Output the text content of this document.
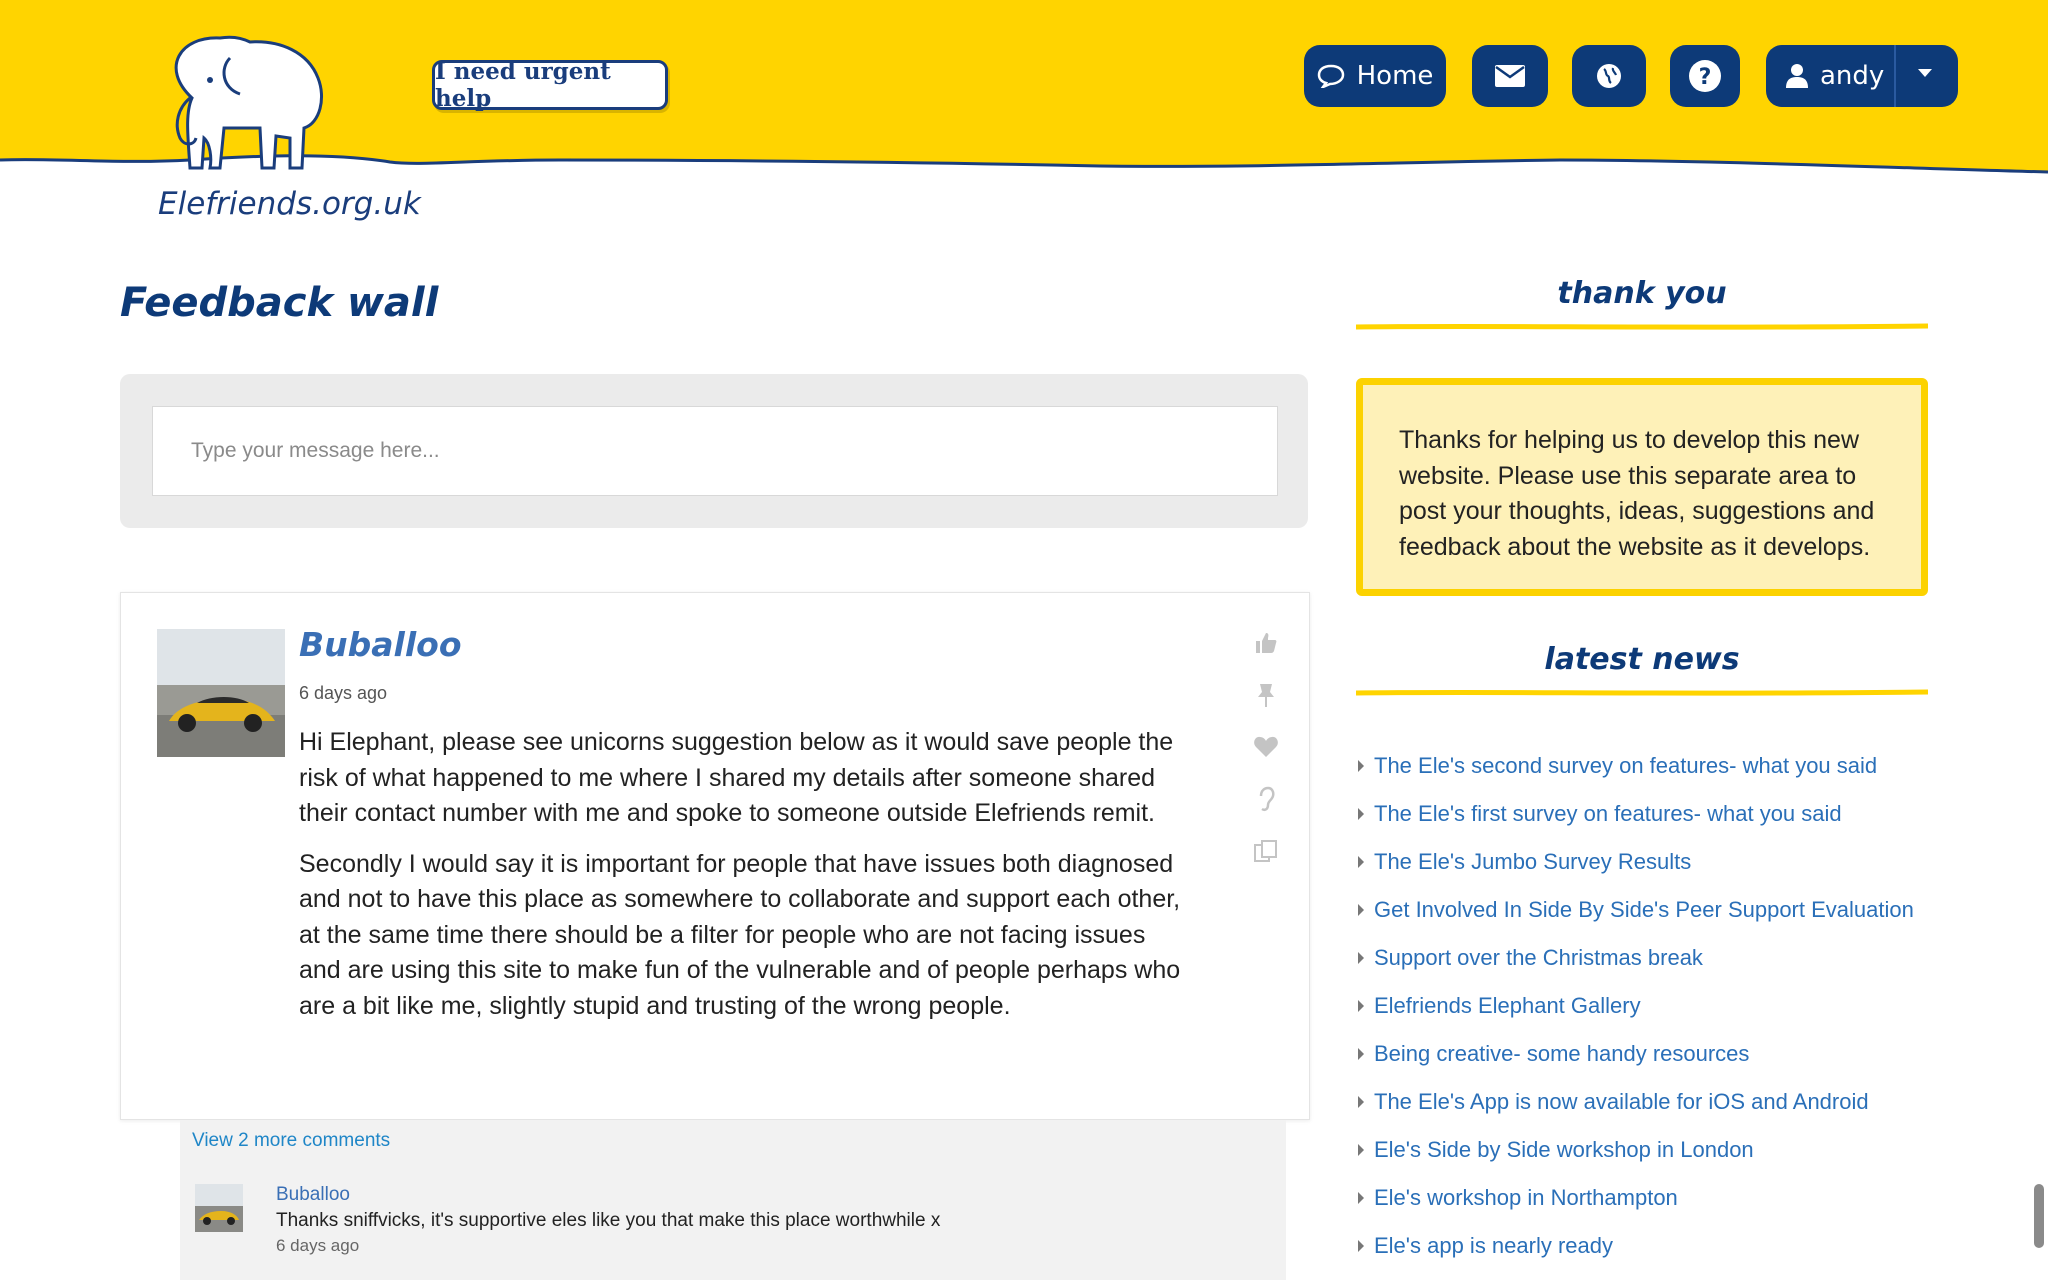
Elefriends.org.uk
I need urgent help
Home	?	andy
Feedback wall
Type your message here...
Buballoo
6 days ago

Hi Elephant, please see unicorns suggestion below as it would save people the risk of what happened to me where I shared my details after someone shared their contact number with me and spoke to someone outside Elefriends remit.

Secondly I would say it is important for people that have issues both diagnosed and not to have this place as somewhere to collaborate and support each other, at the same time there should be a filter for people who are not facing issues and are using this site to make fun of the vulnerable and of people perhaps who are a bit like me, slightly stupid and trusting of the wrong people.

View 2 more comments
Buballoo
Thanks sniffvicks, it's supportive eles like you that make this place worthwhile x
6 days ago
thank you
Thanks for helping us to develop this new website. Please use this separate area to post your thoughts, ideas, suggestions and feedback about the website as it develops.
latest news
The Ele's second survey on features- what you said
The Ele's first survey on features- what you said
The Ele's Jumbo Survey Results
Get Involved In Side By Side's Peer Support Evaluation
Support over the Christmas break
Elefriends Elephant Gallery
Being creative- some handy resources
The Ele's App is now available for iOS and Android
Ele's Side by Side workshop in London
Ele's workshop in Northampton
Ele's app is nearly ready
